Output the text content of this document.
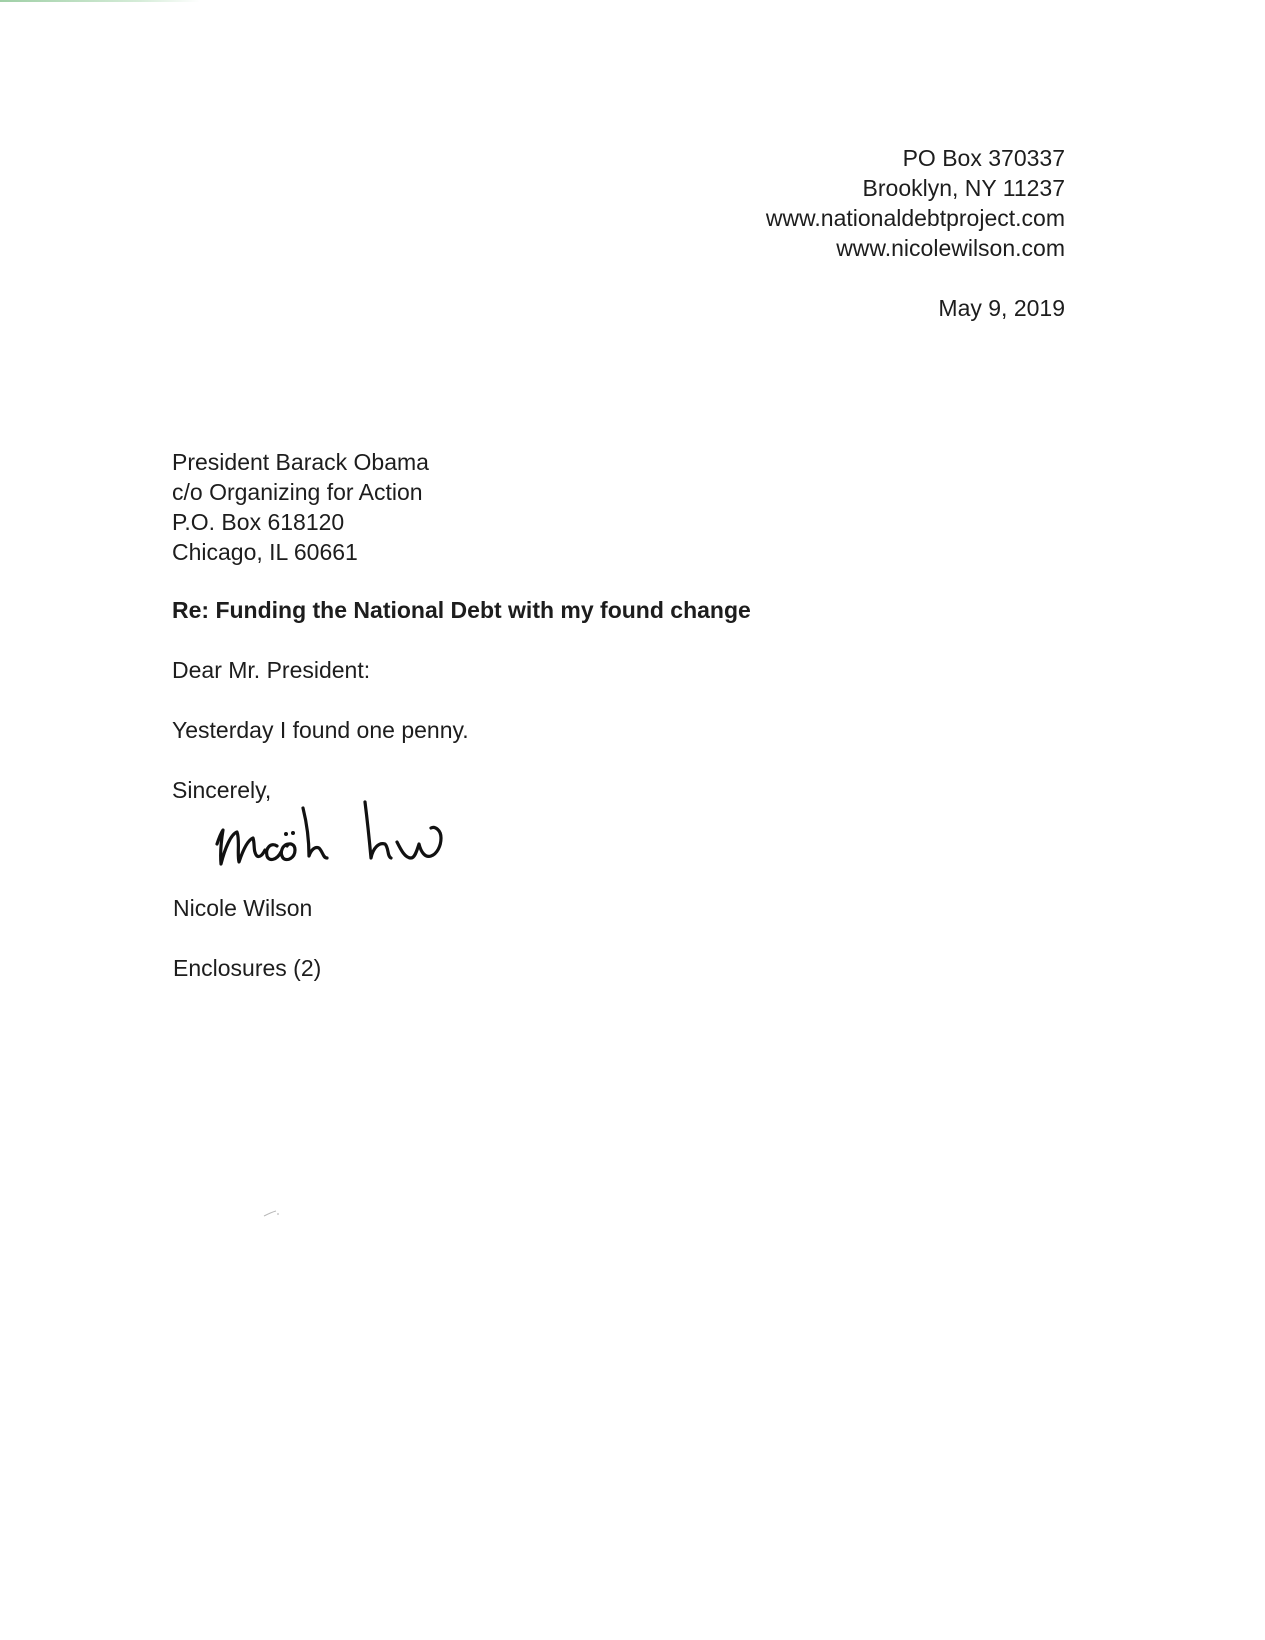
PO Box 370337
Brooklyn, NY 11237
www.nationaldebtproject.com
www.nicolewilson.com
May 9, 2019
President Barack Obama
c/o Organizing for Action
P.O. Box 618120
Chicago, IL 60661
Re: Funding the National Debt with my found change
Dear Mr. President:
Yesterday I found one penny.
Sincerely,
Nicole Wilson
Enclosures (2)
